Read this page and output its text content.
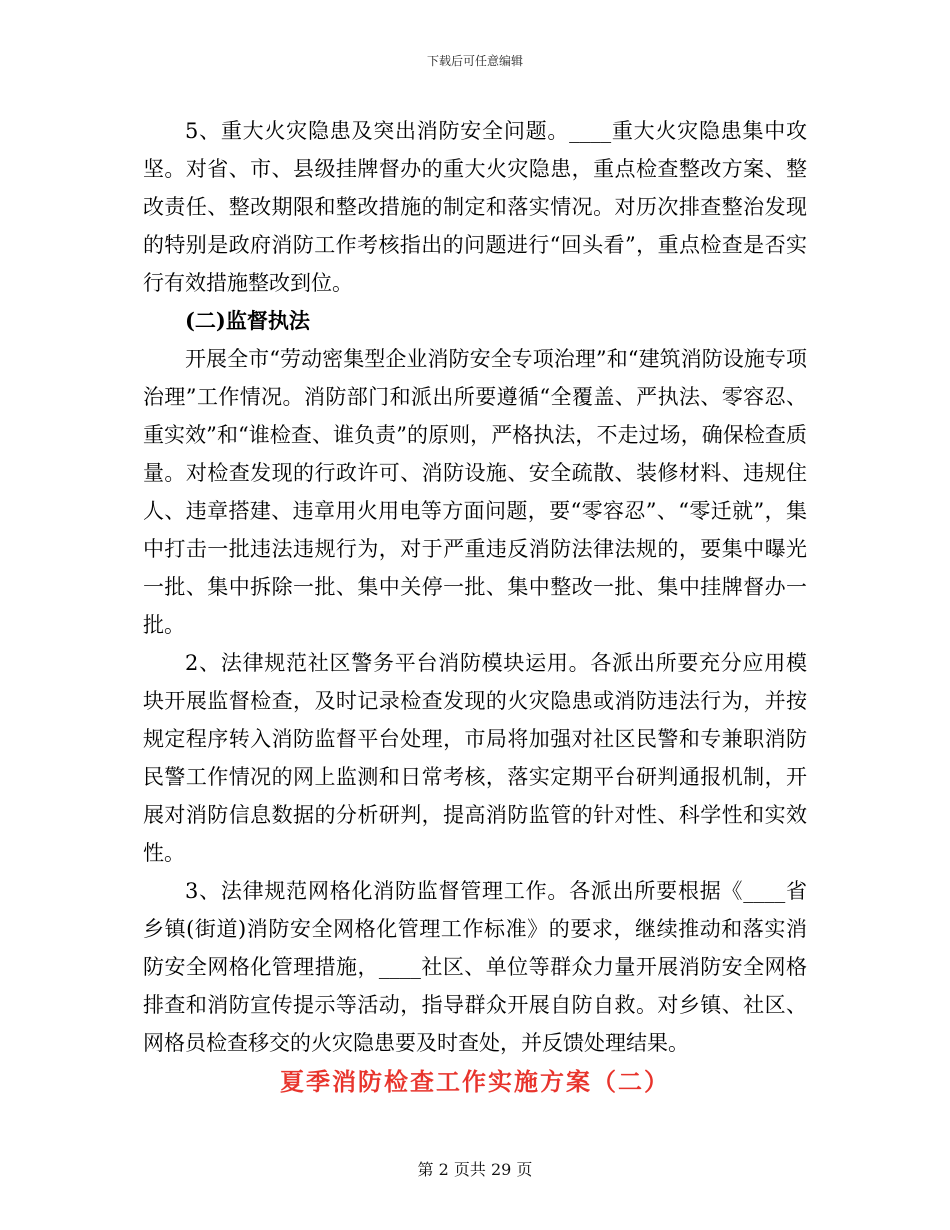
下载后可任意编辑

5、重大火灾隐患及突出消防安全问题。____重大火灾隐患集中攻坚。对省、市、县级挂牌督办的重大火灾隐患，重点检查整改方案、整改责任、整改期限和整改措施的制定和落实情况。对历次排查整治发现的特别是政府消防工作考核指出的问题进行“回头看”，重点检查是否实行有效措施整改到位。

(二)监督执法

开展全市“劳动密集型企业消防安全专项治理”和“建筑消防设施专项治理”工作情况。消防部门和派出所要遵循“全覆盖、严执法、零容忍、重实效”和“谁检查、谁负责”的原则，严格执法，不走过场，确保检查质量。对检查发现的行政许可、消防设施、安全疏散、装修材料、违规住人、违章搭建、违章用火用电等方面问题，要“零容忍”、“零迁就”，集中打击一批违法违规行为，对于严重违反消防法律法规的，要集中曝光一批、集中拆除一批、集中关停一批、集中整改一批、集中挂牌督办一批。

2、法律规范社区警务平台消防模块运用。各派出所要充分应用模块开展监督检查，及时记录检查发现的火灾隐患或消防违法行为，并按规定程序转入消防监督平台处理，市局将加强对社区民警和专兼职消防民警工作情况的网上监测和日常考核，落实定期平台研判通报机制，开展对消防信息数据的分析研判，提高消防监管的针对性、科学性和实效性。

3、法律规范网格化消防监督管理工作。各派出所要根据《____省乡镇(街道)消防安全网格化管理工作标准》的要求，继续推动和落实消防安全网格化管理措施，____社区、单位等群众力量开展消防安全网格排查和消防宣传提示等活动，指导群众开展自防自救。对乡镇、社区、网格员检查移交的火灾隐患要及时查处，并反馈处理结果。

夏季消防检查工作实施方案（二）

第 2 页共 29 页
